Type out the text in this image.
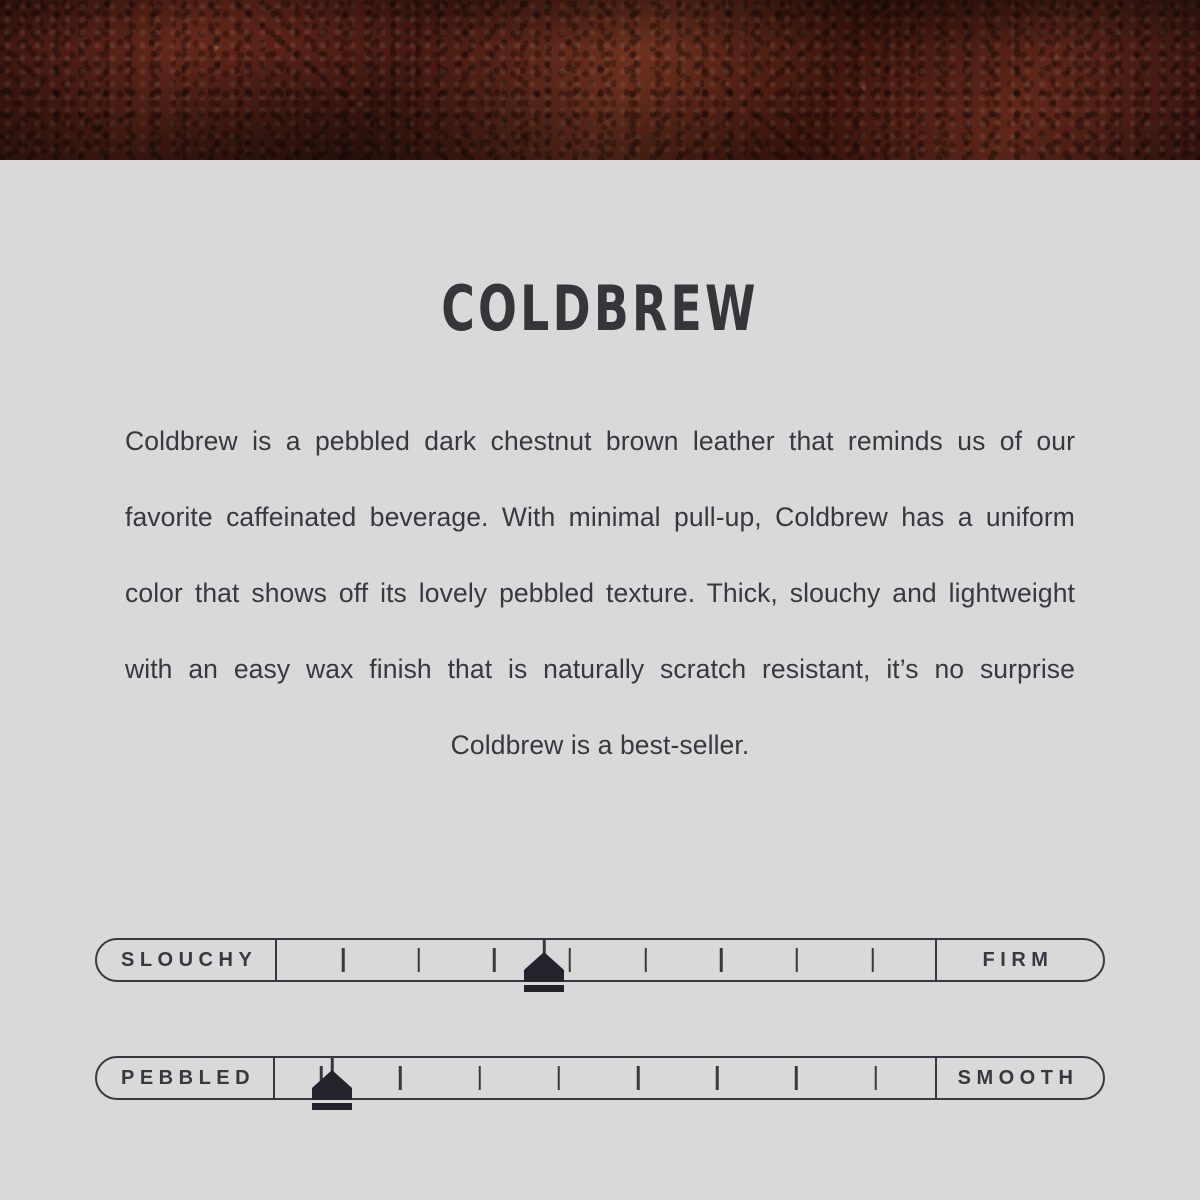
COLDBREW

Coldbrew is a pebbled dark chestnut brown leather that reminds us of our favorite caffeinated beverage. With minimal pull-up, Coldbrew has a uniform color that shows off its lovely pebbled texture. Thick, slouchy and lightweight with an easy wax finish that is naturally scratch resistant, it’s no surprise Coldbrew is a best-seller.

SLOUCHY	FIRM
PEBBLED	SMOOTH
